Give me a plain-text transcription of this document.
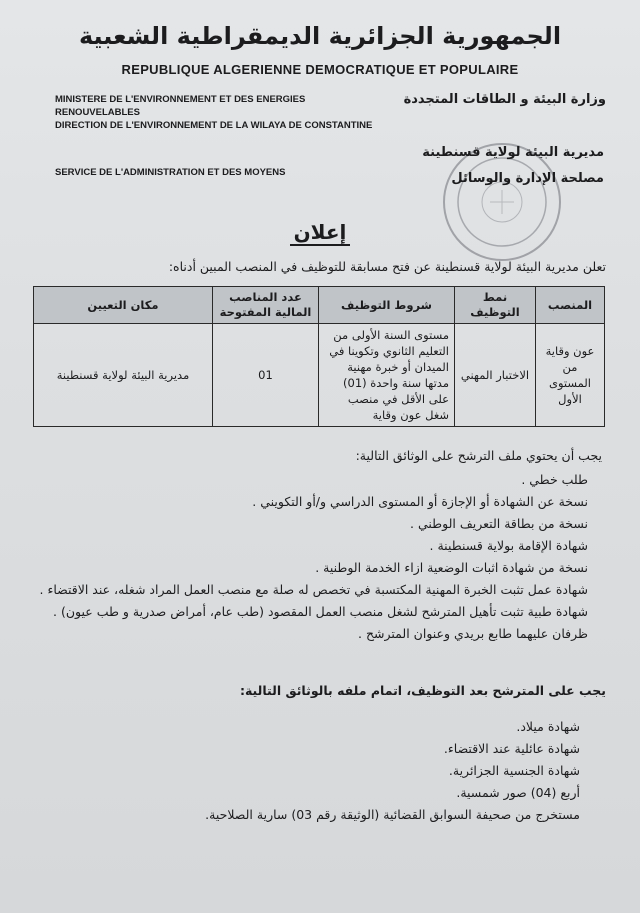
الجمهورية الجزائرية الديمقراطية الشعبية
REPUBLIQUE ALGERIENNE DEMOCRATIQUE ET POPULAIRE
MINISTERE DE L'ENVIRONNEMENT ET DES ENERGIES
RENOUVELABLES
DIRECTION DE L'ENVIRONNEMENT DE LA WILAYA DE CONSTANTINE
وزارة البيئة و الطاقات المتجددة
SERVICE DE L'ADMINISTRATION ET DES MOYENS
مديرية البيئة لولاية قسنطينة
مصلحة الإدارة والوسائل
إعلان
تعلن مديرية البيئة لولاية قسنطينة عن فتح مسابقة للتوظيف في المنصب المبين أدناه:
المنصب	نمط التوظيف	شروط التوظيف	عدد المناصب المالية المفتوحة	مكان التعيين
عون وقاية من المستوى الأول	الاختبار المهني	مستوى السنة الأولى من التعليم الثانوي وتكوينا في الميدان أو خبرة مهنية مدتها سنة واحدة (01) على الأقل في منصب شغل عون وقاية	01	مديرية البيئة لولاية قسنطينة
يجب أن يحتوي ملف الترشح على الوثائق التالية:
طلب خطي .
نسخة عن الشهادة أو الإجازة أو المستوى الدراسي و/أو التكويني .
نسخة من بطاقة التعريف الوطني .
شهادة الإقامة بولاية قسنطينة .
نسخة من شهادة اثبات الوضعية ازاء الخدمة الوطنية .
شهادة عمل تثبت الخبرة المهنية المكتسبة في تخصص له صلة مع منصب العمل المراد شغله، عند الاقتضاء .
شهادة طبية تثبت تأهيل المترشح لشغل منصب العمل المقصود (طب عام، أمراض صدرية و طب عيون) .
ظرفان عليهما طابع بريدي وعنوان المترشح .
يجب على المترشح بعد التوظيف، اتمام ملفه بالوثائق التالية:
شهادة ميلاد.
شهادة عائلية عند الاقتضاء.
شهادة الجنسية الجزائرية.
أربع (04) صور شمسية.
مستخرج من صحيفة السوابق القضائية (الوثيقة رقم 03) سارية الصلاحية.
